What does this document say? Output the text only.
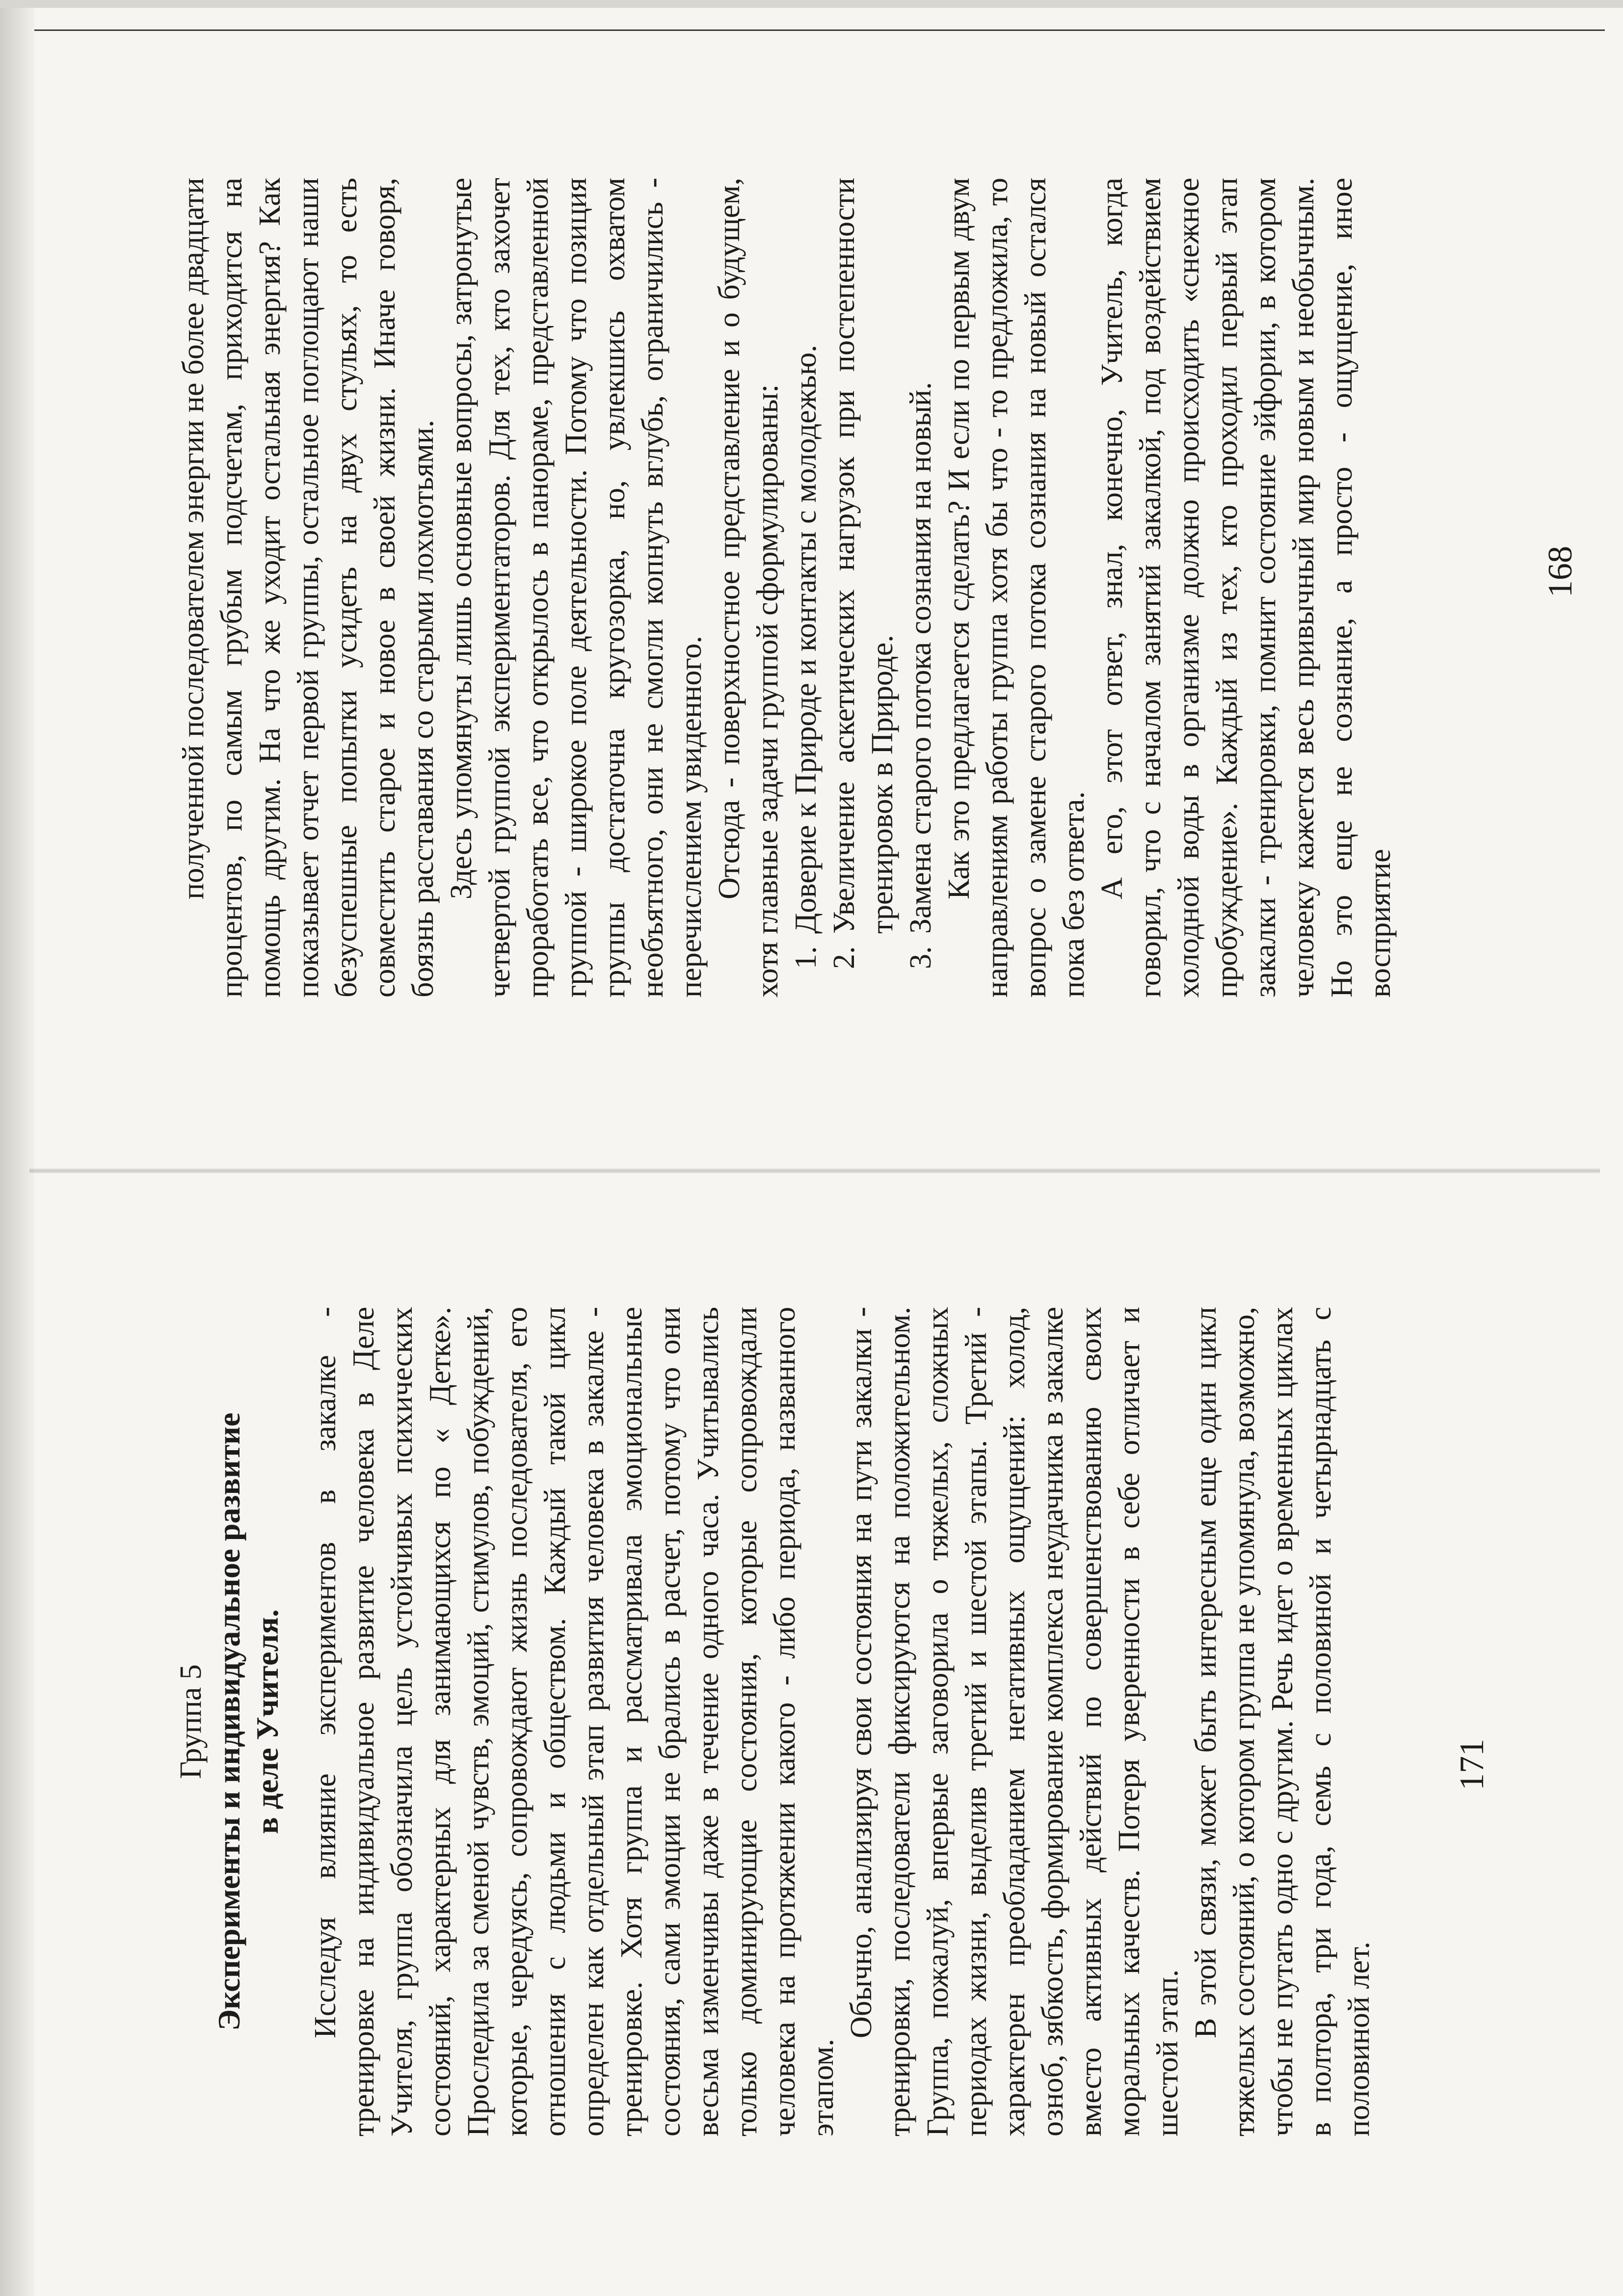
Группа 5 Эксперименты и индивидуальное развитие в деле Учителя. Исследуя влияние экспериментов в закалке - тренировке на индивидуальное развитие человека в Деле Учителя, группа обозначила цель устойчивых психических состояний, характерных для занимающихся по « Детке». Проследила за сменой чувств, эмоций, стимулов, побуждений, которые, чередуясь, сопровождают жизнь последователя, его отношения с людьми и обществом. Каждый такой цикл определен как отдельный этап развития человека в закалке - тренировке. Хотя группа и рассматривала эмоциональные состояния, сами эмоции не брались в расчет, потому что они весьма изменчивы даже в течение одного часа. Учитывались только доминирующие состояния, которые сопровождали человека на протяжении какого - либо периода, названного этапом.

Обычно, анализируя свои состояния на пути закалки - тренировки, последователи фиксируются на положительном. Группа, пожалуй, впервые заговорила о тяжелых, сложных периодах жизни, выделив третий и шестой этапы. Третий - характерен преобладанием негативных ощущений: холод, озноб, зябкость, формирование комплекса неудачника в закалке вместо активных действий по совершенствованию своих моральных качеств. Потеря уверенности в себе отличает и шестой этап.

В этой связи, может быть интересным еще один цикл тяжелых состояний, о котором группа не упомянула, возможно, чтобы не путать одно с другим. Речь идет о временных циклах в полтора, три года, семь с половиной и четырнадцать с половиной лет.

171

полученной последователем энергии не более двадцати процентов, по самым грубым подсчетам, приходится на помощь другим. На что же уходит остальная энергия? Как показывает отчет первой группы, остальное поглощают наши безуспешные попытки усидеть на двух стульях, то есть совместить старое и новое в своей жизни. Иначе говоря, боязнь расставания со старыми лохмотьями. Здесь упомянуты лишь основные вопросы, затронутые четвертой группой экспериментаторов. Для тех, кто захочет проработать все, что открылось в панораме, представленной группой - широкое поле деятельности. Потому что позиция группы достаточна кругозорка, но, увлекшись охватом необъятного, они не смогли копнуть вглубь, ограничились - перечислением увиденного. Отсюда - поверхностное представление и о будущем, хотя главные задачи группой сформулированы: 1. Доверие к Природе и контакты с молодежью. 2. Увеличение аскетических нагрузок при постепенности тренировок в Природе. 3. Замена старого потока сознания на новый. Как это предлагается сделать? И если по первым двум направлениям работы группа хотя бы что - то предложила, то вопрос о замене старого потока сознания на новый остался пока без ответа. А его, этот ответ, знал, конечно, Учитель, когда говорил, что с началом занятий закалкой, под воздействием холодной воды в организме должно происходить «снежное пробуждение». Каждый из тех, кто проходил первый этап закалки - тренировки, помнит состояние эйфории, в котором человеку кажется весь привычный мир новым и необычным. Но это еще не сознание, а просто - ощущение, иное восприятие

168
